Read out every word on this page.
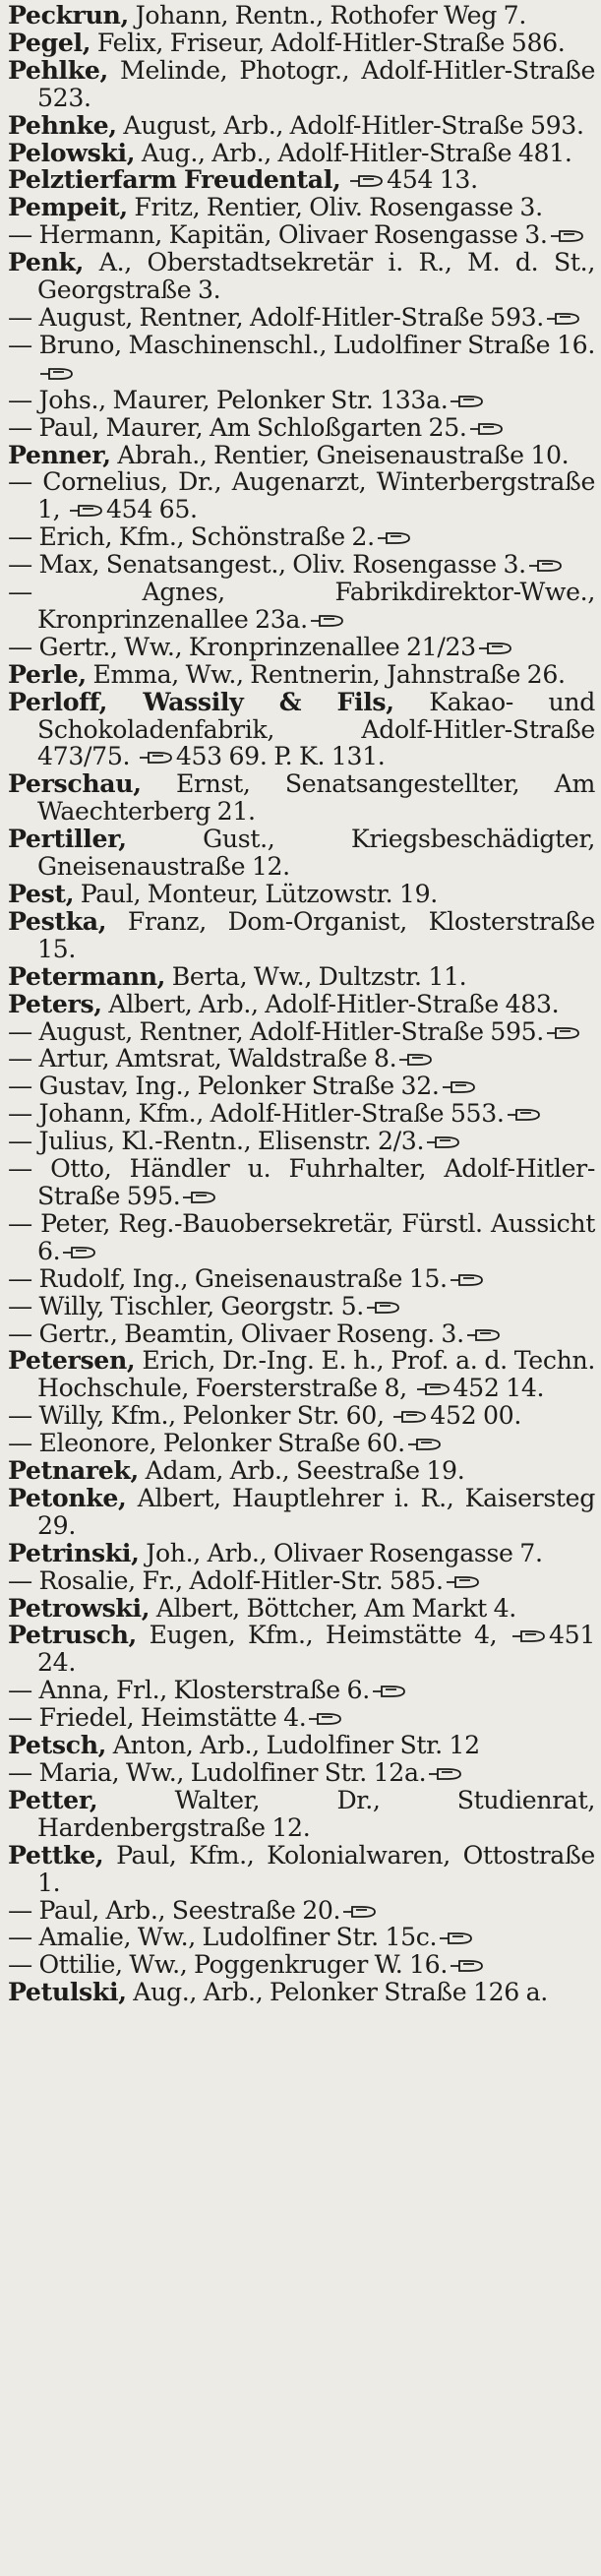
Peckrun, Johann, Rentn., Rothofer Weg 7.

Pegel, Felix, Friseur, Adolf-Hitler-Straße 586.

Pehlke, Melinde, Photogr., Adolf-Hitler-Straße 523.

Pehnke, August, Arb., Adolf-Hitler-Straße 593.

Pelowski, Aug., Arb., Adolf-Hitler-Straße 481.

Pelztierfarm Freudental, 454 13.

Pempeit, Fritz, Rentier, Oliv. Rosengasse 3.

— Hermann, Kapitän, Olivaer Rosengasse 3.

Penk, A., Oberstadtsekretär i. R., M. d. St., Georgstraße 3.

— August, Rentner, Adolf-Hitler-Straße 593.

— Bruno, Maschinenschl., Ludolfiner Straße 16.

— Johs., Maurer, Pelonker Str. 133a.

— Paul, Maurer, Am Schloßgarten 25.

Penner, Abrah., Rentier, Gneisenaustraße 10.

— Cornelius, Dr., Augenarzt, Winterbergstraße 1,
454 65.

— Erich, Kfm., Schönstraße 2.

— Max, Senatsangest., Oliv. Rosengasse 3.

— Agnes, Fabrikdirektor-Wwe., Kronprinzenallee 23a.

— Gertr., Ww., Kronprinzenallee 21/23

Perle, Emma, Ww., Rentnerin, Jahnstraße 26.

Perloff, Wassily & Fils, Kakao- und Schokoladenfabrik, Adolf-Hitler-Straße 473/75.
453 69. P. K. 131.

Perschau, Ernst, Senatsangestellter, Am Waechterberg 21.

Pertiller, Gust., Kriegsbeschädigter, Gneisenaustraße 12.

Pest, Paul, Monteur, Lützowstr. 19.

Pestka, Franz, Dom-Organist, Klosterstraße 15.

Petermann, Berta, Ww., Dultzstr. 11.

Peters, Albert, Arb., Adolf-Hitler-Straße 483.

— August, Rentner, Adolf-Hitler-Straße 595.

— Artur, Amtsrat, Waldstraße 8.

— Gustav, Ing., Pelonker Straße 32.

— Johann, Kfm., Adolf-Hitler-Straße 553.

— Julius, Kl.-Rentn., Elisenstr. 2/3.

— Otto, Händler u. Fuhrhalter, Adolf-Hitler-Straße 595.

— Peter, Reg.-Bauobersekretär, Fürstl. Aussicht 6.

— Rudolf, Ing., Gneisenaustraße 15.

— Willy, Tischler, Georgstr. 5.

— Gertr., Beamtin, Olivaer Roseng. 3.

Petersen, Erich, Dr.-Ing. E. h., Prof. a. d. Techn. Hochschule, Foersterstraße 8,
452 14.

— Willy, Kfm., Pelonker Str. 60,
452 00.

— Eleonore, Pelonker Straße 60.

Petnarek, Adam, Arb., Seestraße 19.

Petonke, Albert, Hauptlehrer i. R., Kaisersteg 29.

Petrinski, Joh., Arb., Olivaer Rosengasse 7.

— Rosalie, Fr., Adolf-Hitler-Str. 585.

Petrowski, Albert, Böttcher, Am Markt 4.

Petrusch, Eugen, Kfm., Heimstätte 4,
451 24.

— Anna, Frl., Klosterstraße 6.

— Friedel, Heimstätte 4.

Petsch, Anton, Arb., Ludolfiner Str. 12

— Maria, Ww., Ludolfiner Str. 12a.

Petter, Walter, Dr., Studienrat, Hardenbergstraße 12.

Pettke, Paul, Kfm., Kolonialwaren, Ottostraße 1.

— Paul, Arb., Seestraße 20.

— Amalie, Ww., Ludolfiner Str. 15c.

— Ottilie, Ww., Poggenkruger W. 16.

Petulski, Aug., Arb., Pelonker Straße 126 a.
